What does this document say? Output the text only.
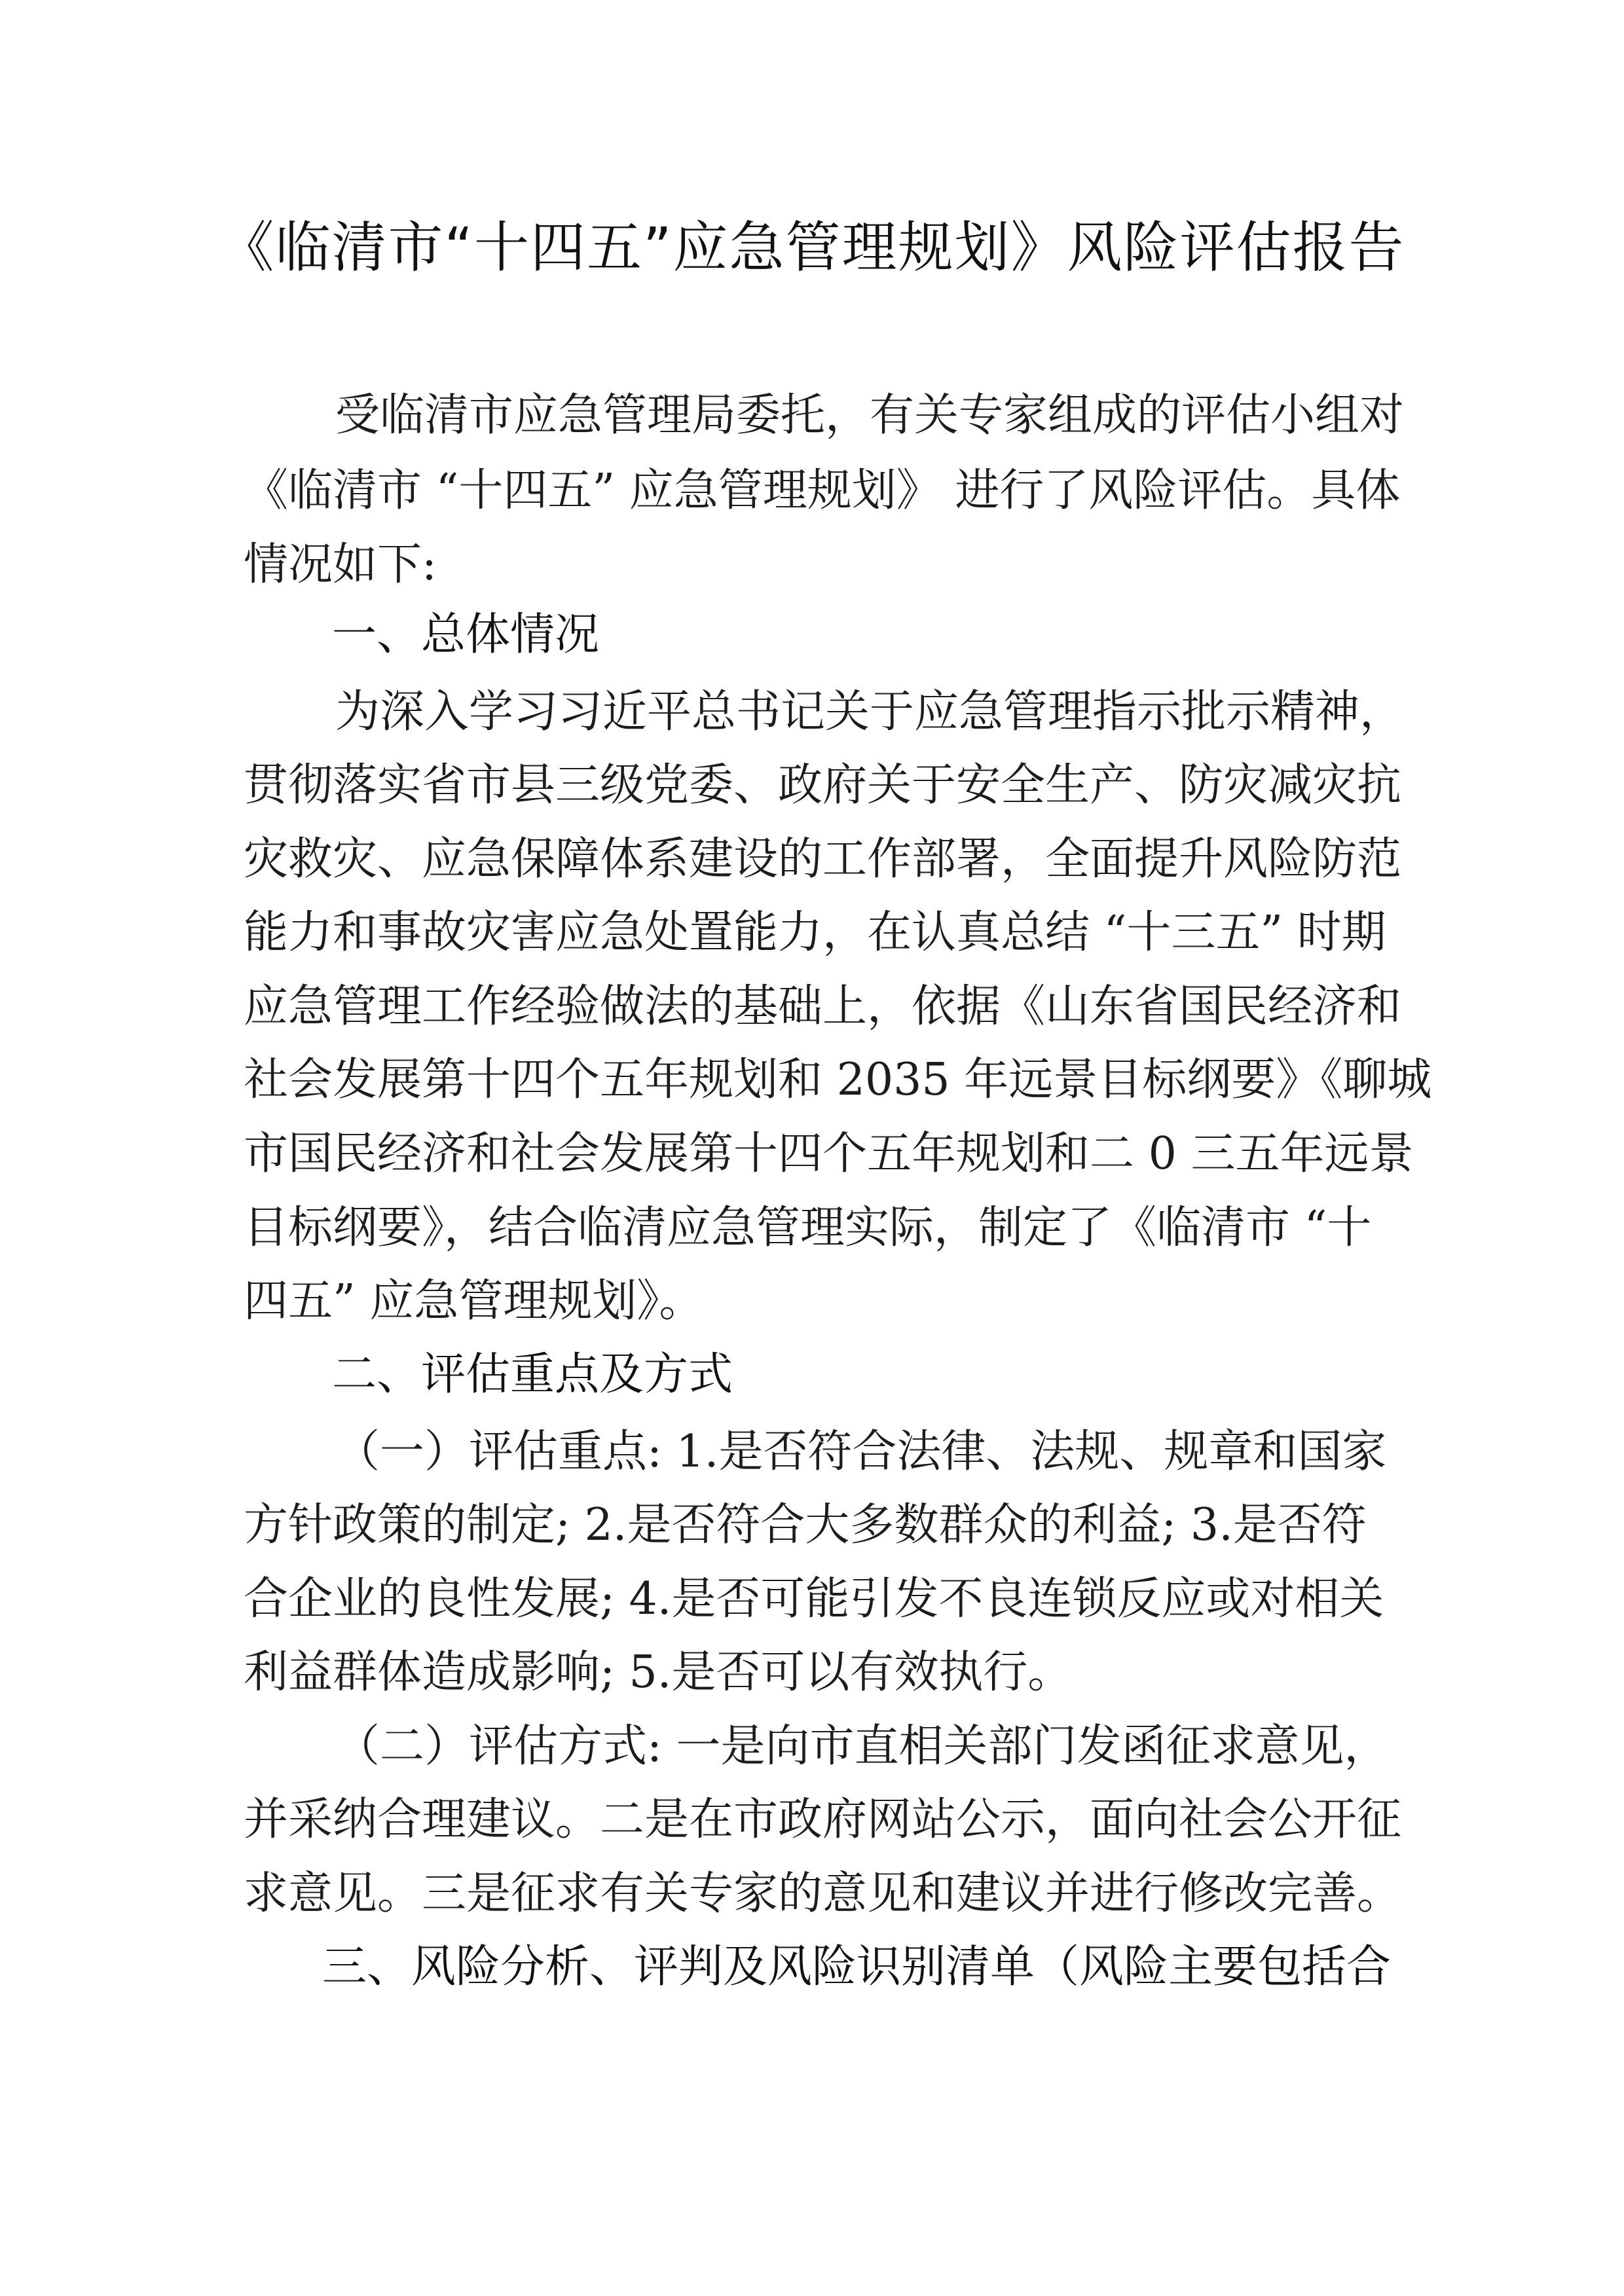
《临清市“十四五”应急管理规划》风险评估报告
受临清市应急管理局委托，有关专家组成的评估小组对
《临清市 “十四五” 应急管理规划》 进行了风险评估。具体
情况如下:
一、总体情况
为深入学习习近平总书记关于应急管理指示批示精神，
贯彻落实省市县三级党委、政府关于安全生产、防灾减灾抗
灾救灾、应急保障体系建设的工作部署，全面提升风险防范
能力和事故灾害应急处置能力，在认真总结 “十三五” 时期
应急管理工作经验做法的基础上，依据《山东省国民经济和
社会发展第十四个五年规划和 2035 年远景目标纲要》《聊城
市国民经济和社会发展第十四个五年规划和二 0 三五年远景
目标纲要》，结合临清应急管理实际，制定了《临清市 “十
四五” 应急管理规划》。
二、评估重点及方式
（一）评估重点: 1.是否符合法律、法规、规章和国家
方针政策的制定; 2.是否符合大多数群众的利益; 3.是否符
合企业的良性发展; 4.是否可能引发不良连锁反应或对相关
利益群体造成影响; 5.是否可以有效执行。
（二）评估方式: 一是向市直相关部门发函征求意见，
并采纳合理建议。二是在市政府网站公示，面向社会公开征
求意见。三是征求有关专家的意见和建议并进行修改完善。
三、风险分析、评判及风险识别清单（风险主要包括合
